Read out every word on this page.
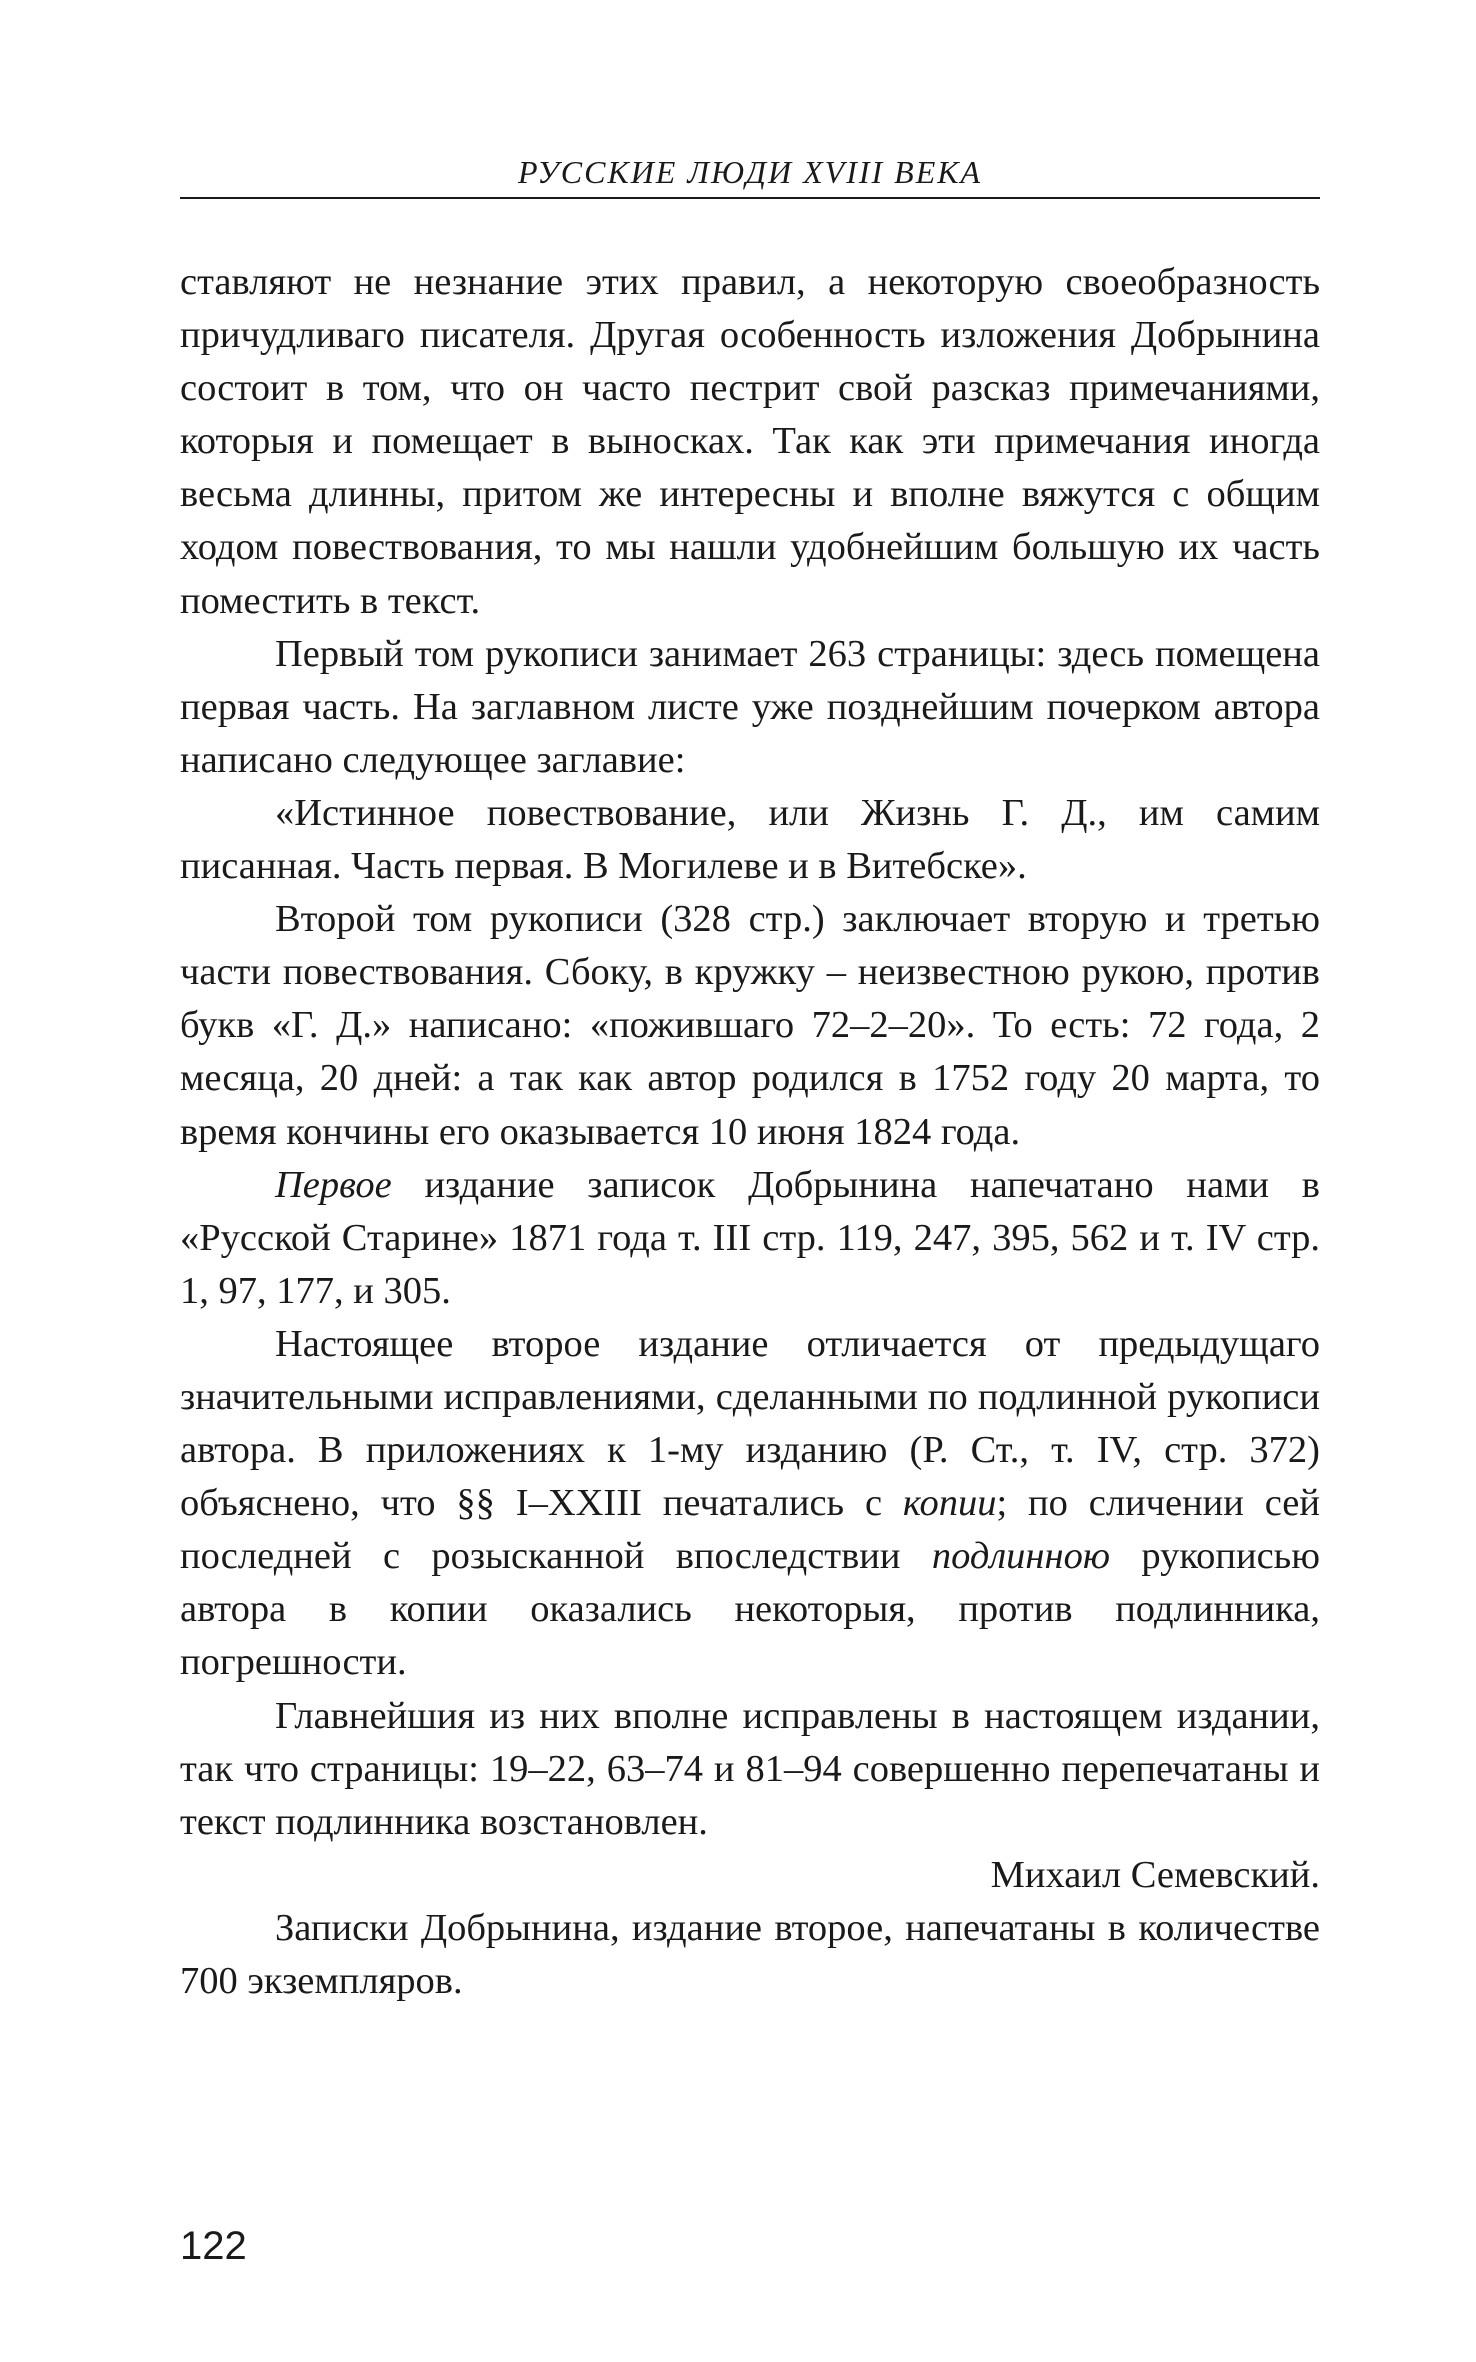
РУССКИЕ ЛЮДИ XVIII ВЕКА

ставляют не незнание этих правил, а некоторую своеобразность причудливаго писателя. Другая особенность изложения Добрынина состоит в том, что он часто пестрит свой разсказ примечаниями, которыя и помещает в выносках. Так как эти примечания иногда весьма длинны, притом же интересны и вполне вяжутся с общим ходом повествования, то мы нашли удобнейшим большую их часть поместить в текст.

Первый том рукописи занимает 263 страницы: здесь помещена первая часть. На заглавном листе уже позднейшим почерком автора написано следующее заглавие:

«Истинное повествование, или Жизнь Г. Д., им самим писанная. Часть первая. В Могилеве и в Витебске».

Второй том рукописи (328 стр.) заключает вторую и третью части повествования. Сбоку, в кружку – неизвестною рукою, против букв «Г. Д.» написано: «пожившаго 72–2–20». То есть: 72 года, 2 месяца, 20 дней: а так как автор родился в 1752 году 20 марта, то время кончины его оказывается 10 июня 1824 года.

Первое издание записок Добрынина напечатано нами в «Русской Старине» 1871 года т. III стр. 119, 247, 395, 562 и т. IV стр. 1, 97, 177, и 305.

Настоящее второе издание отличается от предыдущаго значительными исправлениями, сделанными по подлинной рукописи автора. В приложениях к 1-му изданию (Р. Ст., т. IV, стр. 372) объяснено, что §§ I–XXIII печатались с копии; по сличении сей последней с розысканной впоследствии подлинною рукописью автора в копии оказались некоторыя, против подлинника, погрешности.

Главнейшия из них вполне исправлены в настоящем издании, так что страницы: 19–22, 63–74 и 81–94 совершенно перепечатаны и текст подлинника возстановлен.

Михаил Семевский.

Записки Добрынина, издание второе, напечатаны в количестве 700 экземпляров.

122
